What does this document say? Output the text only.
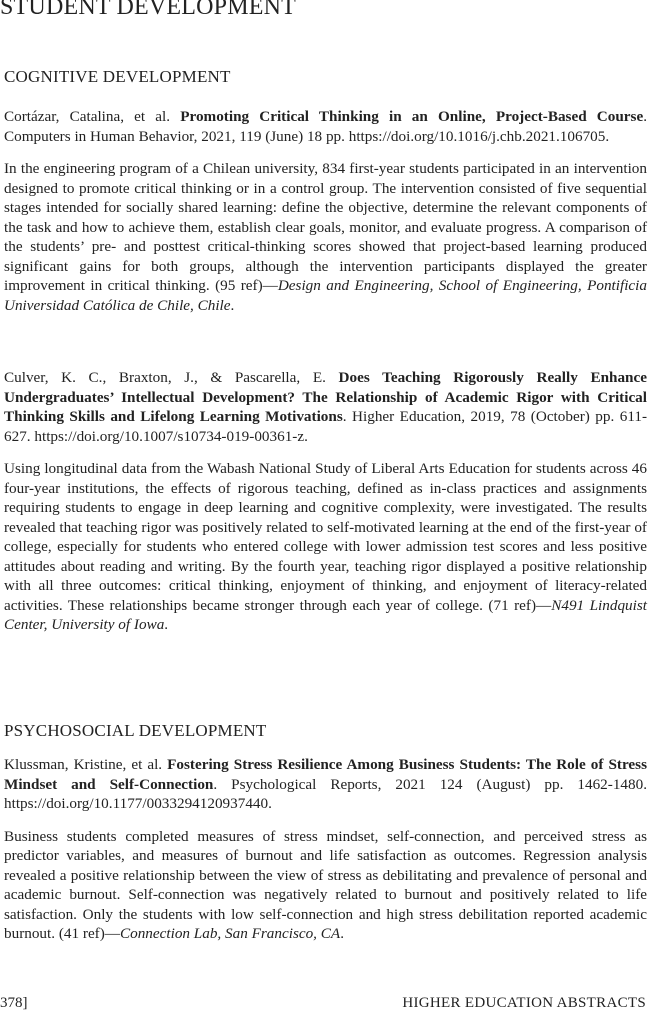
STUDENT DEVELOPMENT
COGNITIVE DEVELOPMENT

Cortázar, Catalina, et al. Promoting Critical Thinking in an Online, Project-Based Course. Computers in Human Behavior, 2021, 119 (June) 18 pp. https://doi.org/10.1016/j.chb.2021.106705.

In the engineering program of a Chilean university, 834 first-year students participated in an intervention designed to promote critical thinking or in a control group. The intervention consisted of five sequential stages intended for socially shared learning: define the objective, determine the relevant components of the task and how to achieve them, establish clear goals, monitor, and evaluate progress. A comparison of the students’ pre- and posttest critical-thinking scores showed that project-based learning produced significant gains for both groups, although the intervention participants displayed the greater improvement in critical thinking. (95 ref)—Design and Engineering, School of Engineering, Pontificia Universidad Católica de Chile, Chile.

Culver, K. C., Braxton, J., & Pascarella, E. Does Teaching Rigorously Really Enhance Undergraduates’ Intellectual Development? The Relationship of Academic Rigor with Critical Thinking Skills and Lifelong Learning Motivations. Higher Education, 2019, 78 (October) pp. 611-627. https://doi.org/10.1007/s10734-019-00361-z.

Using longitudinal data from the Wabash National Study of Liberal Arts Education for students across 46 four-year institutions, the effects of rigorous teaching, defined as in-class practices and assignments requiring students to engage in deep learning and cognitive complexity, were investigated. The results revealed that teaching rigor was positively related to self-motivated learning at the end of the first-year of college, especially for students who entered college with lower admission test scores and less positive attitudes about reading and writing. By the fourth year, teaching rigor displayed a positive relationship with all three outcomes: critical thinking, enjoyment of thinking, and enjoyment of literacy-related activities. These relationships became stronger through each year of college. (71 ref)—N491 Lindquist Center, University of Iowa.

PSYCHOSOCIAL DEVELOPMENT

Klussman, Kristine, et al. Fostering Stress Resilience Among Business Students: The Role of Stress Mindset and Self-Connection. Psychological Reports, 2021 124 (August) pp. 1462-1480. https://doi.org/10.1177/0033294120937440.

Business students completed measures of stress mindset, self-connection, and perceived stress as predictor variables, and measures of burnout and life satisfaction as outcomes. Regression analysis revealed a positive relationship between the view of stress as debilitating and prevalence of personal and academic burnout. Self-connection was negatively related to burnout and positively related to life satisfaction. Only the students with low self-connection and high stress debilitation reported academic burnout. (41 ref)—Connection Lab, San Francisco, CA.

378]	HIGHER EDUCATION ABSTRACTS
